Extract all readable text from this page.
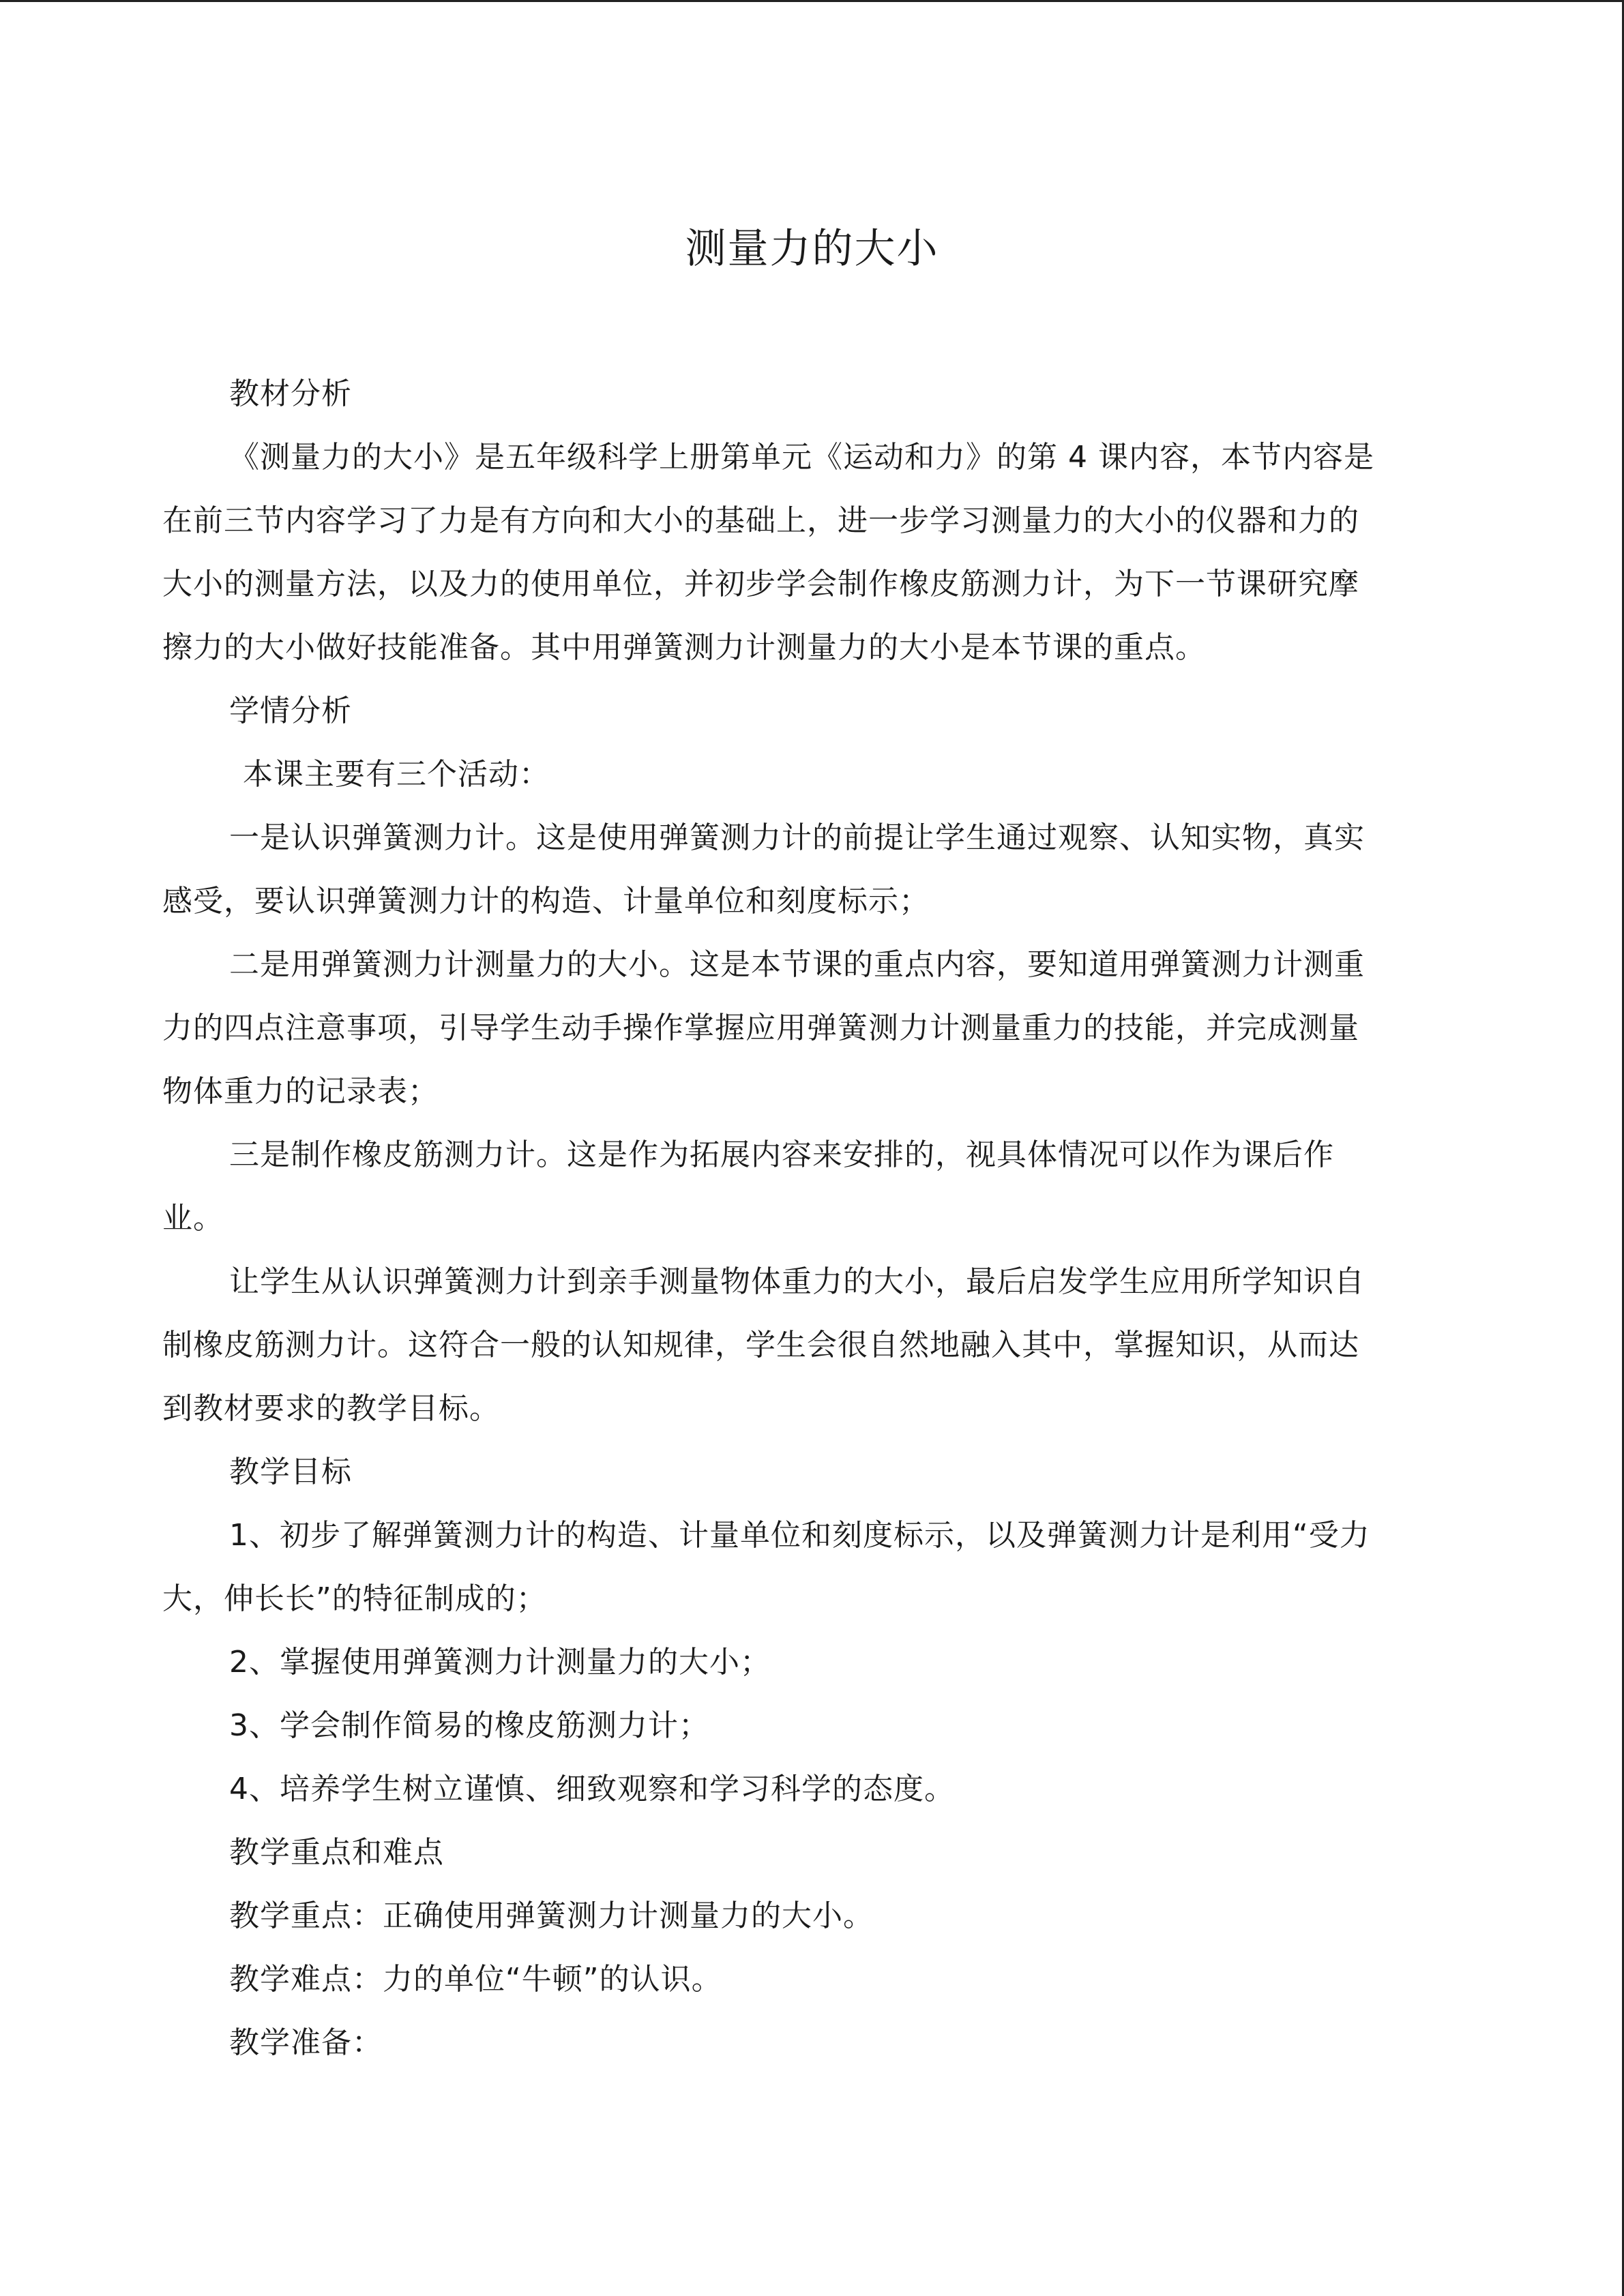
测量力的大小
教材分析
《测量力的大小》是五年级科学上册第单元《运动和力》的第 4 课内容，本节内容是
在前三节内容学习了力是有方向和大小的基础上，进一步学习测量力的大小的仪器和力的
大小的测量方法，以及力的使用单位，并初步学会制作橡皮筋测力计，为下一节课研究摩
擦力的大小做好技能准备。其中用弹簧测力计测量力的大小是本节课的重点。
学情分析
本课主要有三个活动：
一是认识弹簧测力计。这是使用弹簧测力计的前提让学生通过观察、认知实物，真实
感受，要认识弹簧测力计的构造、计量单位和刻度标示；
二是用弹簧测力计测量力的大小。这是本节课的重点内容，要知道用弹簧测力计测重
力的四点注意事项，引导学生动手操作掌握应用弹簧测力计测量重力的技能，并完成测量
物体重力的记录表；
三是制作橡皮筋测力计。这是作为拓展内容来安排的，视具体情况可以作为课后作
业。
让学生从认识弹簧测力计到亲手测量物体重力的大小，最后启发学生应用所学知识自
制橡皮筋测力计。这符合一般的认知规律，学生会很自然地融入其中，掌握知识，从而达
到教材要求的教学目标。
教学目标
1、初步了解弹簧测力计的构造、计量单位和刻度标示，以及弹簧测力计是利用“受力
大，伸长长”的特征制成的；
2、掌握使用弹簧测力计测量力的大小；
3、学会制作简易的橡皮筋测力计；
4、培养学生树立谨慎、细致观察和学习科学的态度。
教学重点和难点
教学重点：正确使用弹簧测力计测量力的大小。
教学难点：力的单位“牛顿”的认识。
教学准备：
